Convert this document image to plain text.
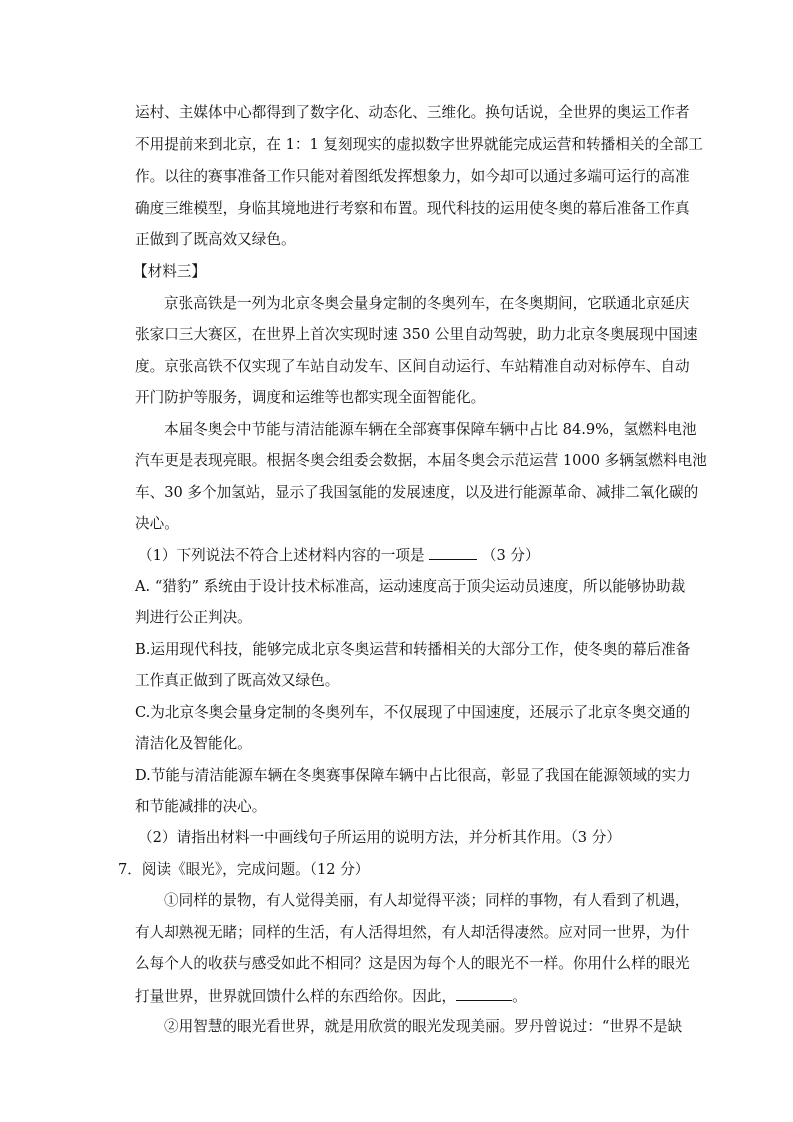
运村、主媒体中心都得到了数字化、动态化、三维化。换句话说，全世界的奥运工作者
不用提前来到北京，在 1：1 复刻现实的虚拟数字世界就能完成运营和转播相关的全部工
作。以往的赛事准备工作只能对着图纸发挥想象力，如今却可以通过多端可运行的高准
确度三维模型，身临其境地进行考察和布置。现代科技的运用使冬奥的幕后准备工作真
正做到了既高效又绿色。
【材料三】
京张高铁是一列为北京冬奥会量身定制的冬奥列车，在冬奥期间，它联通北京延庆
张家口三大赛区，在世界上首次实现时速 350 公里自动驾驶，助力北京冬奥展现中国速
度。京张高铁不仅实现了车站自动发车、区间自动运行、车站精准自动对标停车、自动
开门防护等服务，调度和运维等也都实现全面智能化。
本届冬奥会中节能与清洁能源车辆在全部赛事保障车辆中占比 84.9%，氢燃料电池
汽车更是表现亮眼。根据冬奥会组委会数据，本届冬奥会示范运营 1000 多辆氢燃料电池
车、30 多个加氢站，显示了我国氢能的发展速度，以及进行能源革命、减排二氧化碳的
决心。
（1）下列说法不符合上述材料内容的一项是	（3 分）
A. “猎豹” 系统由于设计技术标准高，运动速度高于顶尖运动员速度，所以能够协助裁
判进行公正判决。
B.运用现代科技，能够完成北京冬奥运营和转播相关的大部分工作，使冬奥的幕后准备
工作真正做到了既高效又绿色。
C.为北京冬奥会量身定制的冬奥列车，不仅展现了中国速度，还展示了北京冬奥交通的
清洁化及智能化。
D.节能与清洁能源车辆在冬奥赛事保障车辆中占比很高，彰显了我国在能源领域的实力
和节能减排的决心。
（2）请指出材料一中画线句子所运用的说明方法，并分析其作用。（3 分）
7．阅读《眼光》，完成问题。（12 分）
①同样的景物，有人觉得美丽，有人却觉得平淡；同样的事物，有人看到了机遇，
有人却熟视无睹；同样的生活，有人活得坦然，有人却活得凄然。应对同一世界，为什
么每个人的收获与感受如此不相同？这是因为每个人的眼光不一样。你用什么样的眼光
打量世界，世界就回馈什么样的东西给你。因此，	。
②用智慧的眼光看世界，就是用欣赏的眼光发现美丽。罗丹曾说过：“世界不是缺
